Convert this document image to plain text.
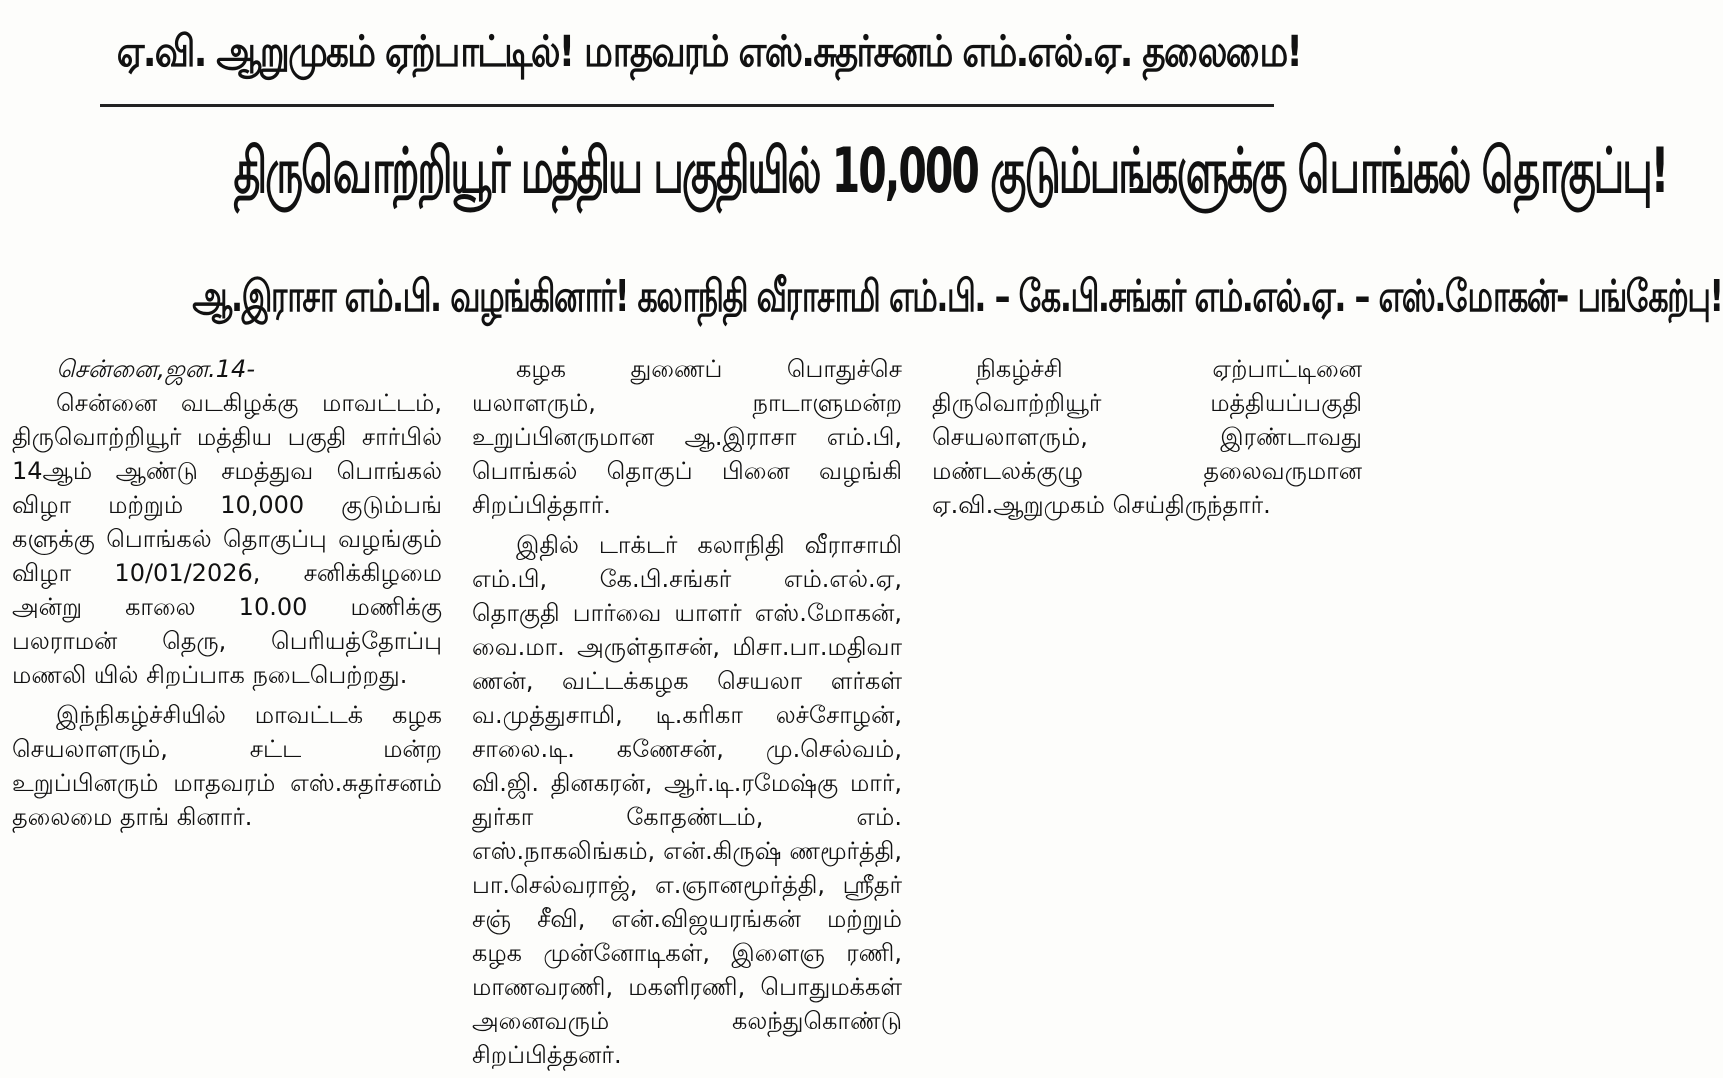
ஏ.வி. ஆறுமுகம் ஏற்பாட்டில்! மாதவரம் எஸ்.சுதர்சனம் எம்.எல்.ஏ. தலைமை!
திருவொற்றியூர் மத்திய பகுதியில் 10,000 குடும்பங்களுக்கு பொங்கல் தொகுப்பு!
ஆ.இராசா எம்.பி. வழங்கினார்! கலாநிதி வீராசாமி எம்.பி. – கே.பி.சங்கர் எம்.எல்.ஏ. – எஸ்.மோகன்- பங்கேற்பு!
சென்னை,ஜன.14-

சென்னை வடகிழக்கு மாவட்டம், திருவொற்றியூர் மத்திய பகுதி சார்பில் 14ஆம் ஆண்டு சமத்துவ பொங்கல் விழா மற்றும் 10,000 குடும்பங் களுக்கு பொங்கல் தொகுப்பு வழங்கும் விழா 10/01/2026, சனிக்கிழமை அன்று காலை 10.00 மணிக்கு பலராமன் தெரு, பெரியத்தோப்பு மணலி யில் சிறப்பாக நடைபெற்றது.

இந்நிகழ்ச்சியில் மாவட்டக் கழக செயலாளரும், சட்ட மன்ற உறுப்பினரும் மாதவரம் எஸ்.சுதர்சனம் தலைமை தாங் கினார்.

கழக துணைப் பொதுச்செ யலாளரும், நாடாளுமன்ற உறுப்பினருமான ஆ.இராசா எம்.பி, பொங்கல் தொகுப் பினை வழங்கி சிறப்பித்தார்.

இதில் டாக்டர் கலாநிதி வீராசாமி எம்.பி, கே.பி.சங்கர் எம்.எல்.ஏ, தொகுதி பார்வை யாளர் எஸ்.மோகன், வை.மா. அருள்தாசன், மிசா.பா.மதிவா ணன், வட்டக்கழக செயலா ளர்கள் வ.முத்துசாமி, டி.கரிகா லச்சோழன், சாலை.டி. கணேசன், மு.செல்வம், வி.ஜி. தினகரன், ஆர்.டி.ரமேஷ்கு மார், துர்கா கோதண்டம், எம். எஸ்.நாகலிங்கம், என்.கிருஷ் ணமூர்த்தி, பா.செல்வராஜ், எ.ஞானமூர்த்தி, ஸ்ரீதர் சஞ் சீவி, என்.விஜயரங்கன் மற்றும் கழக முன்னோடிகள், இளைஞ ரணி, மாணவரணி, மகளிரணி, பொதுமக்கள் அனைவரும் கலந்துகொண்டு சிறப்பித்தனர்.

நிகழ்ச்சி ஏற்பாட்டினை திருவொற்றியூர் மத்தியப்பகுதி செயலாளரும், இரண்டாவது மண்டலக்குழு தலைவருமான ஏ.வி.ஆறுமுகம் செய்திருந்தார்.
